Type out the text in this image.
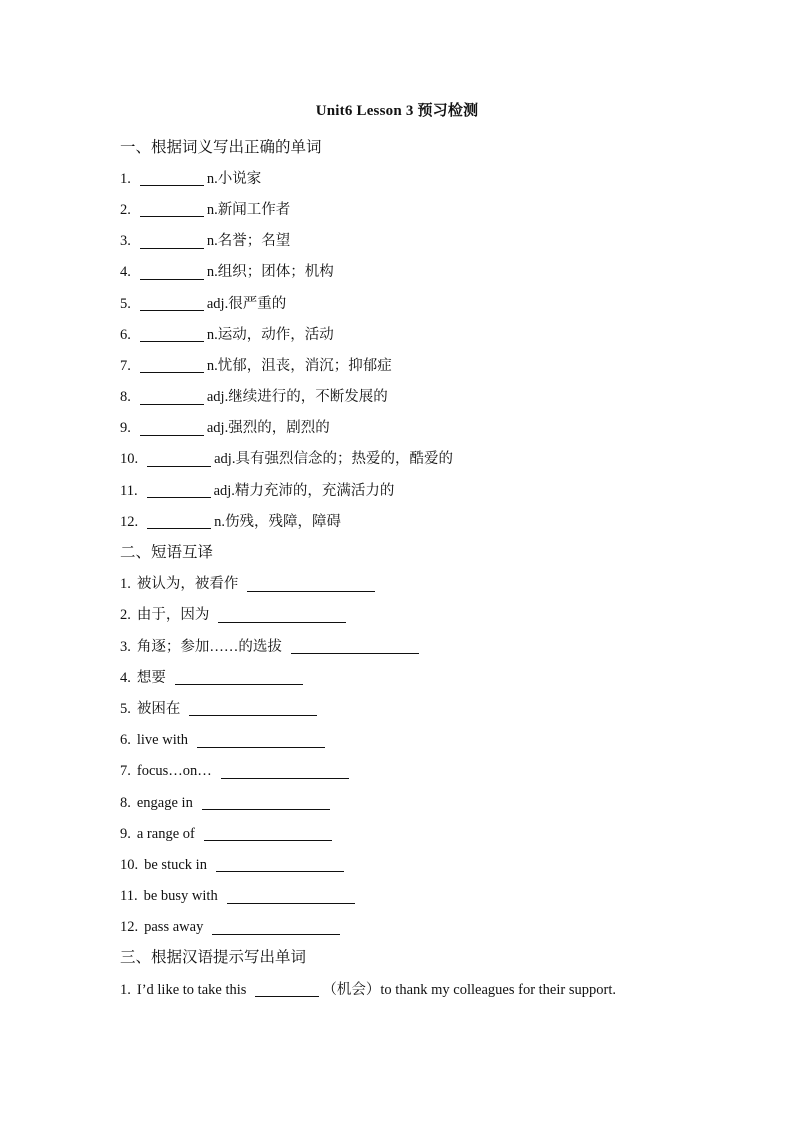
Unit6 Lesson 3 预习检测
一、根据词义写出正确的单词
1.	n.小说家
2.	n.新闻工作者
3.	n.名誉；名望
4.	n.组织；团体；机构
5.	adj.很严重的
6.	n.运动，动作，活动
7.	n.忧郁，沮丧，消沉；抑郁症
8.	adj.继续进行的，不断发展的
9.	adj.强烈的，剧烈的
10.	adj.具有强烈信念的；热爱的，酷爱的
11.	adj.精力充沛的，充满活力的
12.	n.伤残，残障，障碍
二、短语互译
1. 被认为，被看作
2. 由于，因为
3. 角逐；参加……的选拔
4. 想要
5. 被困在
6. live with
7. focus…on…
8. engage in
9. a range of
10. be stuck in
11. be busy with
12. pass away
三、根据汉语提示写出单词
1. I’d like to take this	（机会） to thank my colleagues for their support.
